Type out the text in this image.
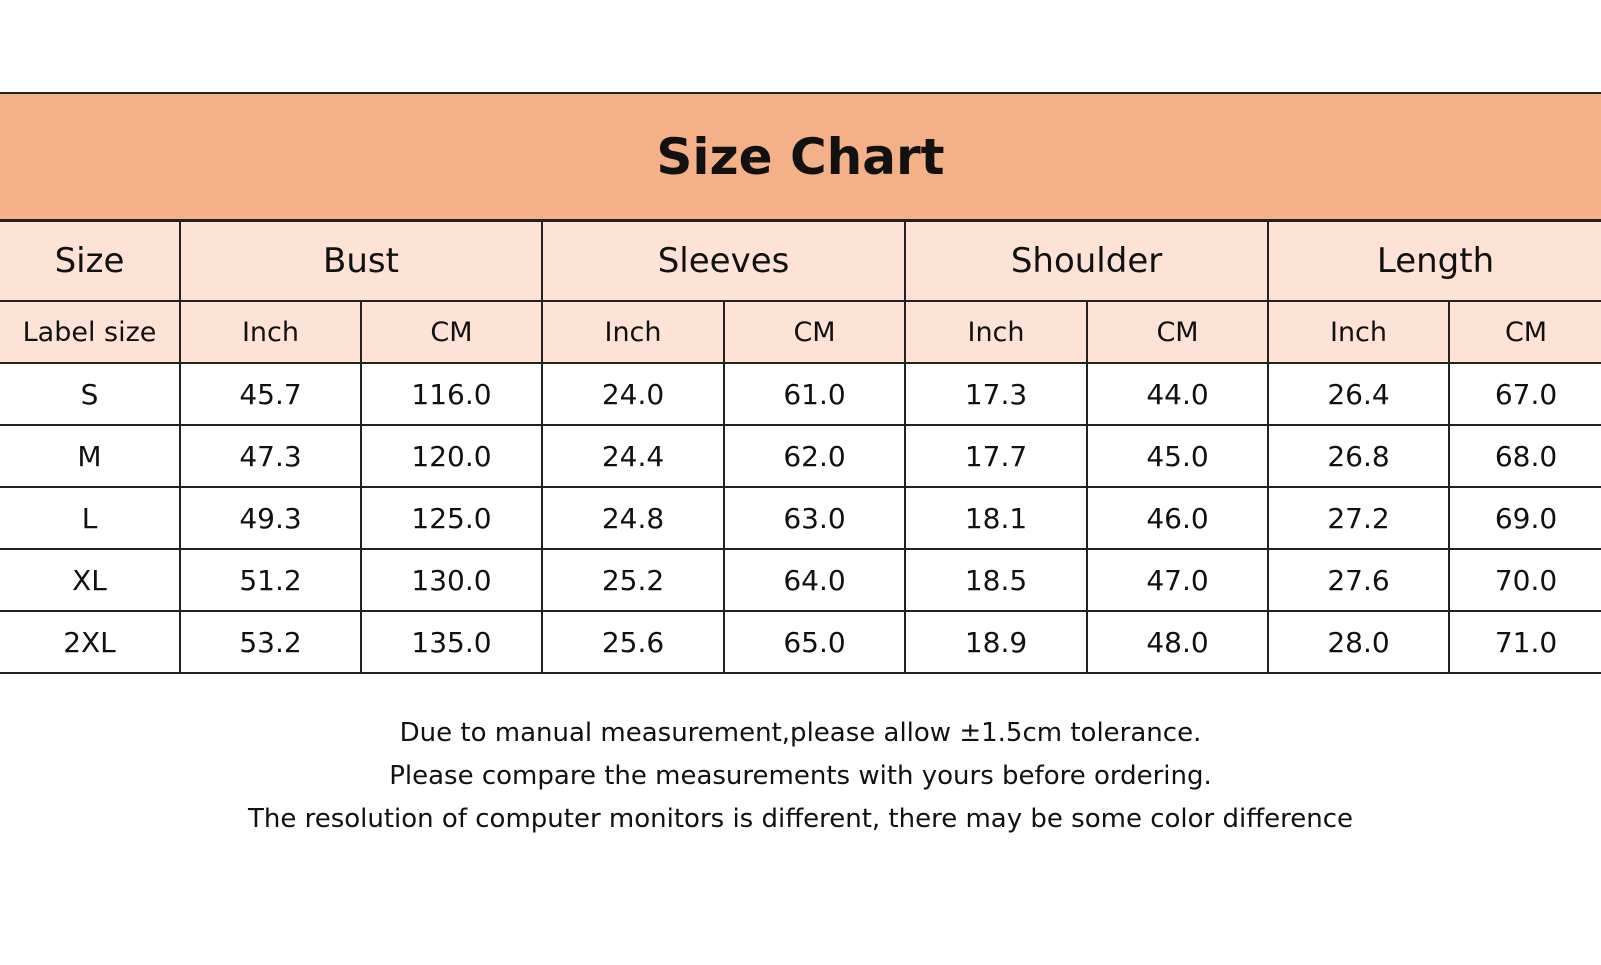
Size Chart
Size	Bust		Sleeves		Shoulder		Length	
Label size	Inch	CM	Inch	CM	Inch	CM	Inch	CM
S	45.7	116.0	24.0	61.0	17.3	44.0	26.4	67.0
M	47.3	120.0	24.4	62.0	17.7	45.0	26.8	68.0
L	49.3	125.0	24.8	63.0	18.1	46.0	27.2	69.0
XL	51.2	130.0	25.2	64.0	18.5	47.0	27.6	70.0
2XL	53.2	135.0	25.6	65.0	18.9	48.0	28.0	71.0
Due to manual measurement,please allow ±1.5cm tolerance.
Please compare the measurements with yours before ordering.
The resolution of computer monitors is different, there may be some color difference
